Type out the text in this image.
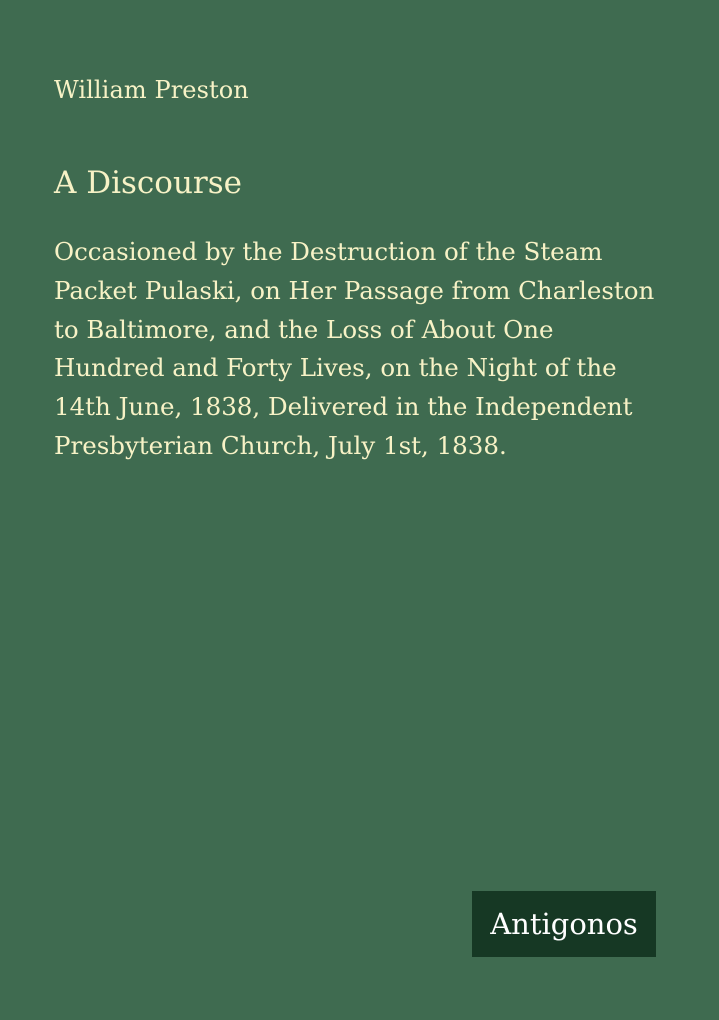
William Preston
A Discourse
Occasioned by the Destruction of the Steam
Packet Pulaski, on Her Passage from Charleston
to Baltimore, and the Loss of About One
Hundred and Forty Lives, on the Night of the
14th June, 1838, Delivered in the Independent
Presbyterian Church, July 1st, 1838.
Antigonos
